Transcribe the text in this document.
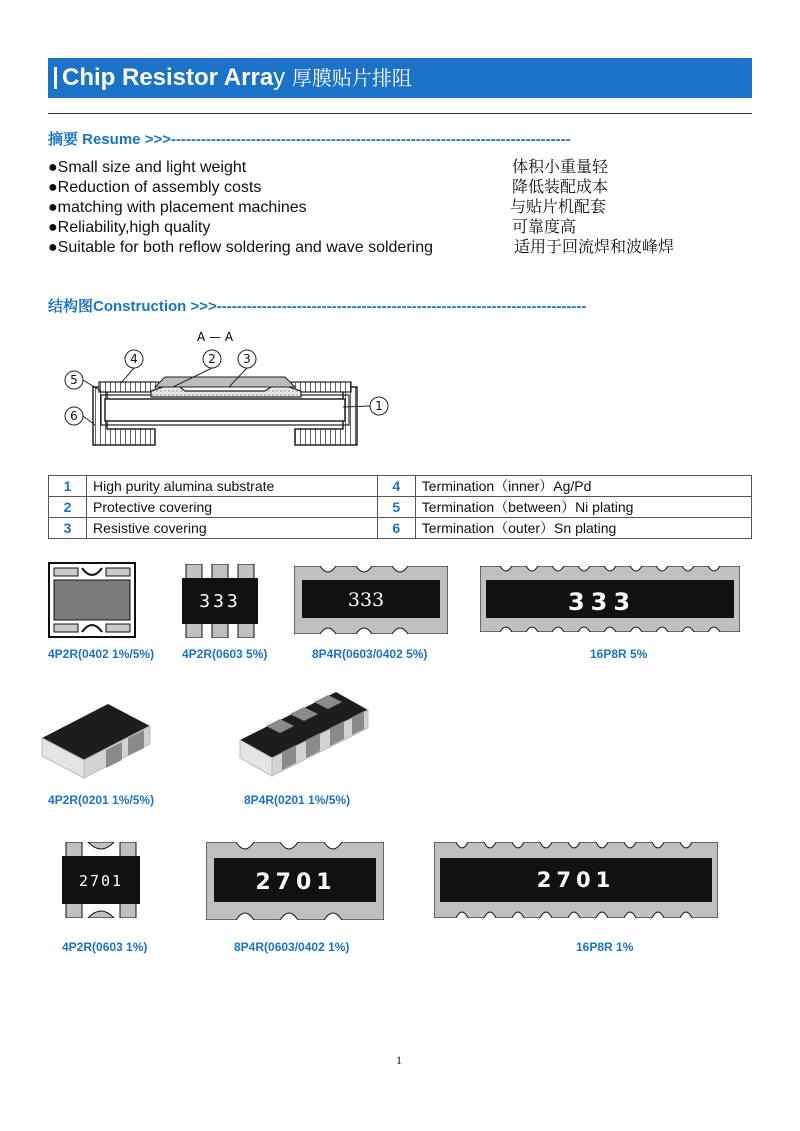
Chip Resistor Array 厚膜贴片排阻
摘要 Resume >>>--------------------------------------------------------------------------------
●Small size and light weight	体积小重量轻
●Reduction of assembly costs	降低装配成本
●matching with placement machines	与贴片机配套
●Reliability,high quality	可靠度高
●Suitable for both reflow soldering and wave soldering	适用于回流焊和波峰焊
结构图Construction >>>--------------------------------------------------------------------------
A — A
4	2 3
5
6
1
1	High purity alumina substrate	4	Termination（inner）Ag/Pd
2	Protective covering	5	Termination（between）Ni plating
3	Resistive covering	6	Termination（outer）Sn plating
333	333	333
4P2R(0402 1%/5%) 4P2R(0603 5%)	8P4R(0603/0402 5%)	16P8R 5%
4P2R(0201 1%/5%)	8P4R(0201 1%/5%)
2701	2701	2701
4P2R(0603 1%)	8P4R(0603/0402 1%)	16P8R 1%
1
